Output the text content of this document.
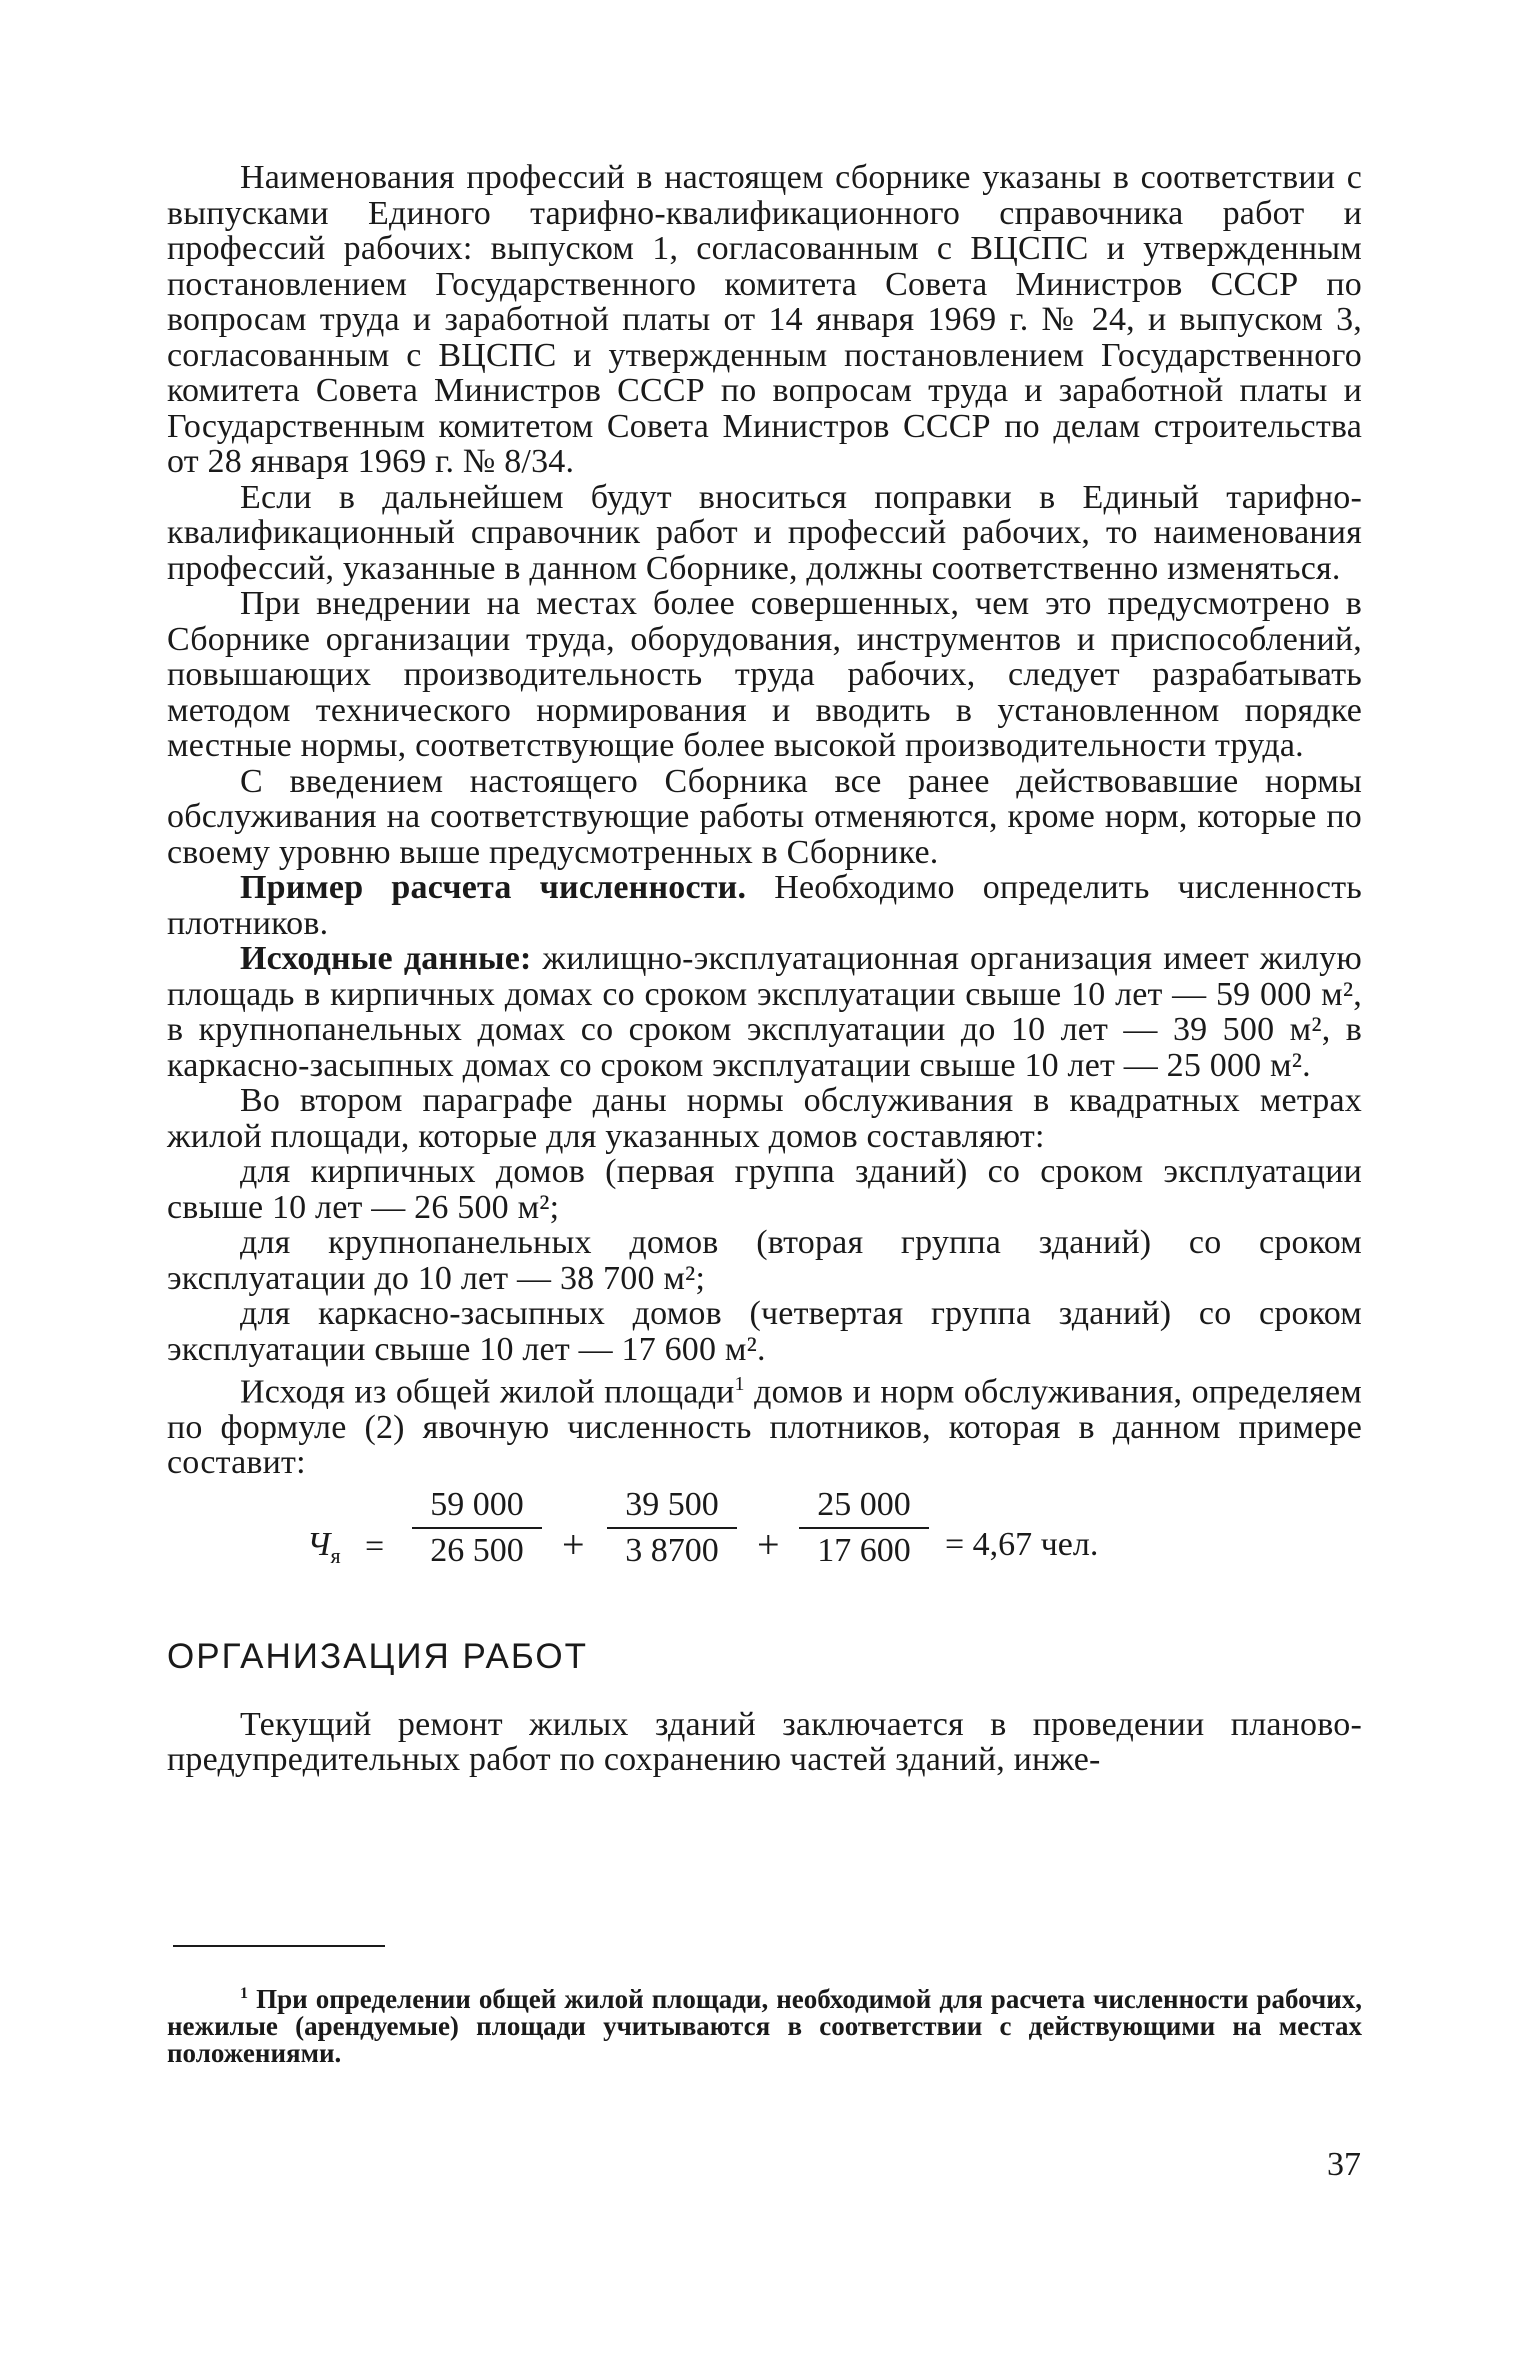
Наименования профессий в настоящем сборнике указаны в соответствии с выпусками Единого тарифно-квалификационного справочника работ и профессий рабочих: выпуском 1, согласованным с ВЦСПС и утвержденным постановлением Государственного комитета Совета Министров СССР по вопросам труда и заработной платы от 14 января 1969 г. № 24, и выпуском 3, согласованным с ВЦСПС и утвержденным постановлением Государственного комитета Совета Министров СССР по вопросам труда и заработной платы и Государственным комитетом Совета Министров СССР по делам строительства от 28 января 1969 г. № 8/34.

Если в дальнейшем будут вноситься поправки в Единый тарифно-квалификационный справочник работ и профессий рабочих, то наименования профессий, указанные в данном Сборнике, должны соответственно изменяться.

При внедрении на местах более совершенных, чем это предусмотрено в Сборнике организации труда, оборудования, инструментов и приспособлений, повышающих производительность труда рабочих, следует разрабатывать методом технического нормирования и вводить в установленном порядке местные нормы, соответствующие более высокой производительности труда.

С введением настоящего Сборника все ранее действовавшие нормы обслуживания на соответствующие работы отменяются, кроме норм, которые по своему уровню выше предусмотренных в Сборнике.

Пример расчета численности. Необходимо определить численность плотников.

Исходные данные: жилищно-эксплуатационная организация имеет жилую площадь в кирпичных домах со сроком эксплуатации свыше 10 лет — 59 000 м², в крупнопанельных домах со сроком эксплуатации до 10 лет — 39 500 м², в каркасно-засыпных домах со сроком эксплуатации свыше 10 лет — 25 000 м².

Во втором параграфе даны нормы обслуживания в квадратных метрах жилой площади, которые для указанных домов составляют:

для кирпичных домов (первая группа зданий) со сроком эксплуатации свыше 10 лет — 26 500 м²;

для крупнопанельных домов (вторая группа зданий) со сроком эксплуатации до 10 лет — 38 700 м²;

для каркасно-засыпных домов (четвертая группа зданий) со сроком эксплуатации свыше 10 лет — 17 600 м².

Исходя из общей жилой площади$^1$ домов и норм обслуживания, определяем по формуле (2) явочную численность плотников, которая в данном примере составит:

$Ч_я$ =
59 000
26 500 +
39 500
3 8700 +
25 000
17 600	= 4,67 чел.
ОРГАНИЗАЦИЯ РАБОТ

Текущий ремонт жилых зданий заключается в проведении планово-предупредительных работ по сохранению частей зданий, инже-

$^1$ При определении общей жилой площади, необходимой для расчета численности рабочих, нежилые (арендуемые) площади учитываются в соответствии с действующими на местах положениями.

37
